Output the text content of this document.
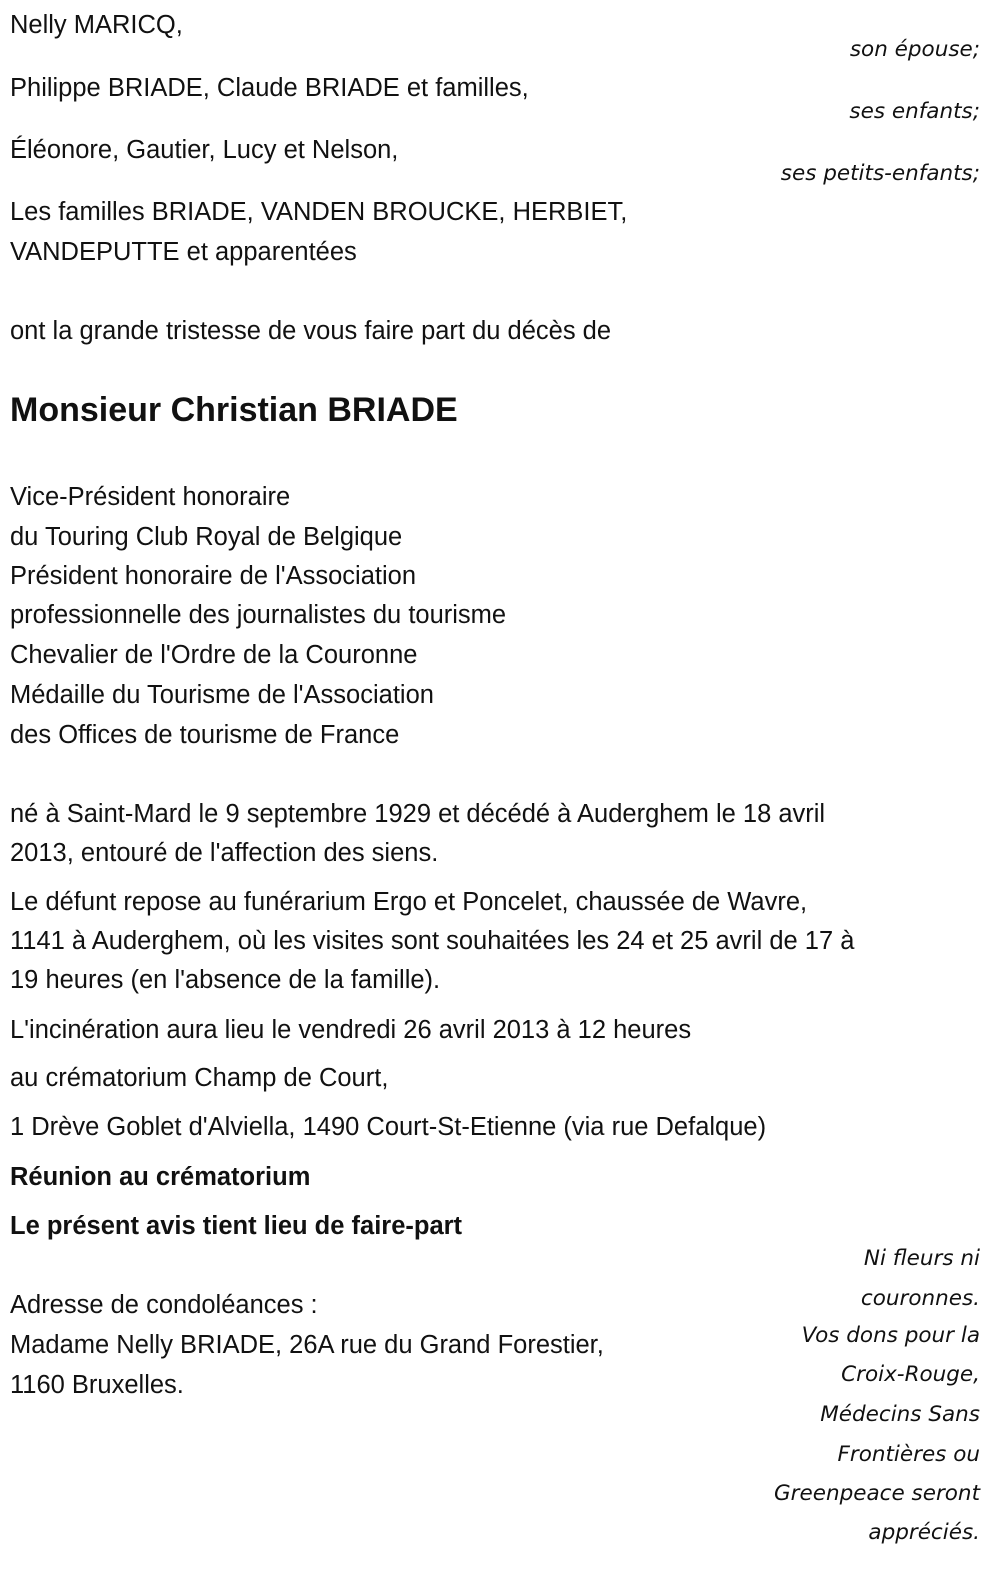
Nelly MARICQ,
son épouse;
Philippe BRIADE, Claude BRIADE et familles,
ses enfants;
Éléonore, Gautier, Lucy et Nelson,
ses petits-enfants;
Les familles BRIADE, VANDEN BROUCKE, HERBIET,
VANDEPUTTE et apparentées
ont la grande tristesse de vous faire part du décès de
Monsieur Christian BRIADE
Vice-Président honoraire
du Touring Club Royal de Belgique
Président honoraire de l'Association
professionnelle des journalistes du tourisme
Chevalier de l'Ordre de la Couronne
Médaille du Tourisme de l'Association
des Offices de tourisme de France
né à Saint-Mard le 9 septembre 1929 et décédé à Auderghem le 18 avril
2013, entouré de l'affection des siens.
Le défunt repose au funérarium Ergo et Poncelet, chaussée de Wavre,
1141 à Auderghem, où les visites sont souhaitées les 24 et 25 avril de 17 à
19 heures (en l'absence de la famille).
L'incinération aura lieu le vendredi 26 avril 2013 à 12 heures
au crématorium Champ de Court,
1 Drève Goblet d'Alviella, 1490 Court-St-Etienne (via rue Defalque)
Réunion au crématorium
Le présent avis tient lieu de faire-part
Adresse de condoléances :
Madame Nelly BRIADE, 26A rue du Grand Forestier,
1160 Bruxelles.
Ni fleurs ni
couronnes.
Vos dons pour la
Croix-Rouge,
Médecins Sans
Frontières ou
Greenpeace seront
appréciés.
